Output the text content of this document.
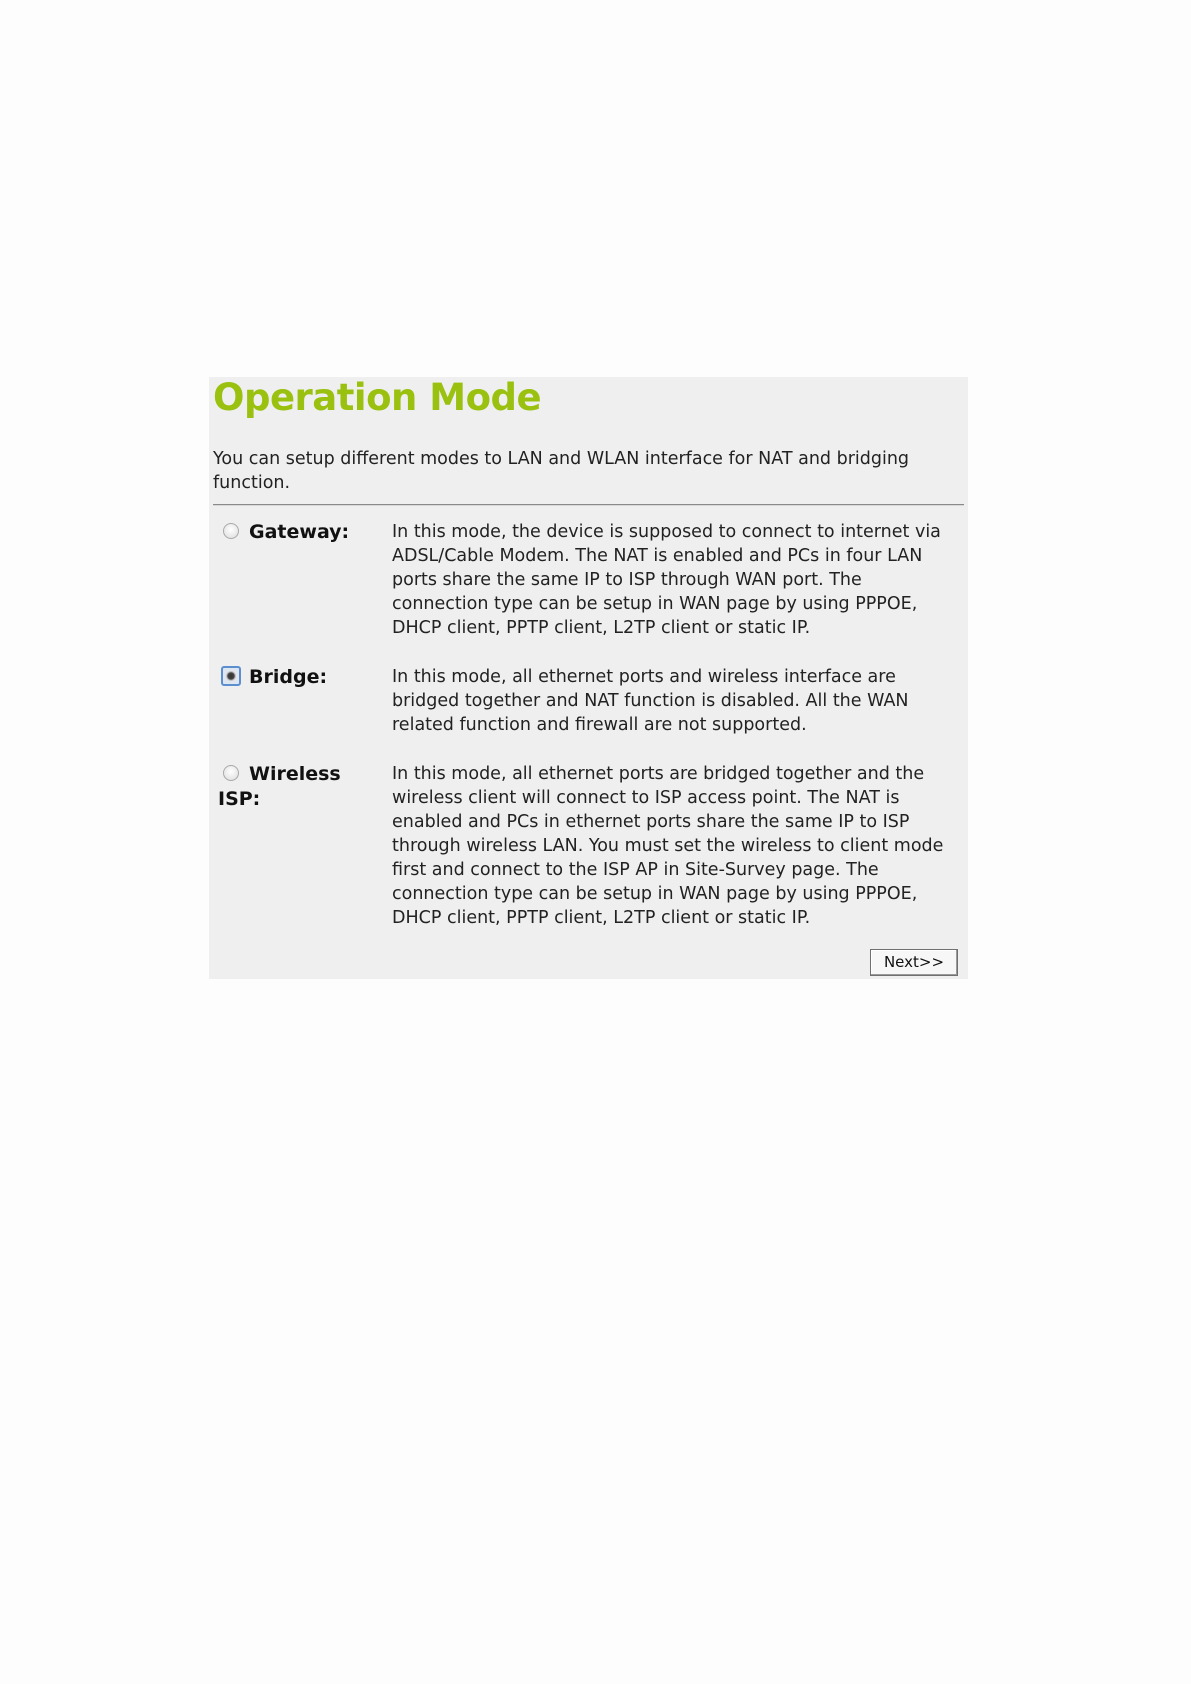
Operation Mode
You can setup different modes to LAN and WLAN interface for NAT and bridging function.
Gateway:	In this mode, the device is supposed to connect to internet via ADSL/Cable Modem. The NAT is enabled and PCs in four LAN ports share the same IP to ISP through WAN port. The connection type can be setup in WAN page by using PPPOE, DHCP client, PPTP client, L2TP client or static IP.
Bridge:	In this mode, all ethernet ports and wireless interface are bridged together and NAT function is disabled. All the WAN related function and firewall are not supported.
Wireless ISP:
In this mode, all ethernet ports are bridged together and the wireless client will connect to ISP access point. The NAT is enabled and PCs in ethernet ports share the same IP to ISP through wireless LAN. You must set the wireless to client mode first and connect to the ISP AP in Site-Survey page. The connection type can be setup in WAN page by using PPPOE, DHCP client, PPTP client, L2TP client or static IP.
Next>>
